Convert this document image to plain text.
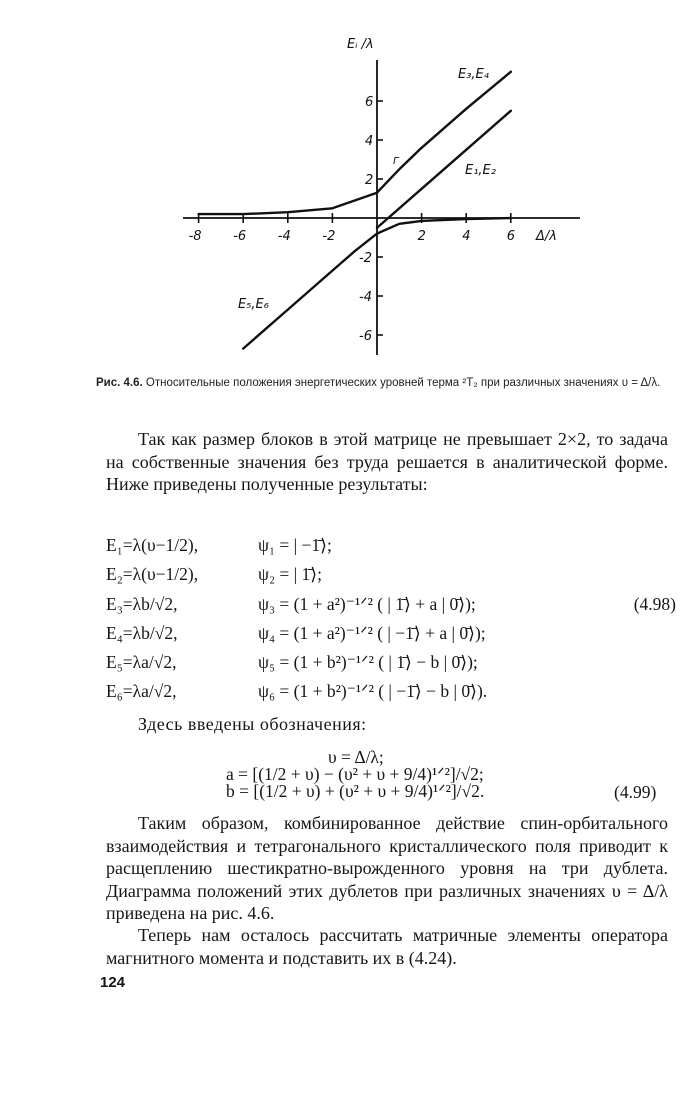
-8 -6 -4 -2	2	4	6
6
4
2
-2
-4
-6
Eᵢ /λ
Δ/λ
E₃,E₄
E₁,E₂
E₅,E₆
Γ
Рис. 4.6. Относительные положения энергетических уровней терма ²T₂ при различных значениях υ = Δ/λ.
Так как размер блоков в этой матрице не превышает 2×2, то задача на собственные значения без труда решается в аналитической форме. Ниже приведены полученные результаты:
E₁=λ(υ−1/2),	ψ₁ = | −1̄⟩;
E₂=λ(υ−1/2),	ψ₂ = | 1̄⟩;
E₃=λb/√2,	ψ₃ = (1 + a²)⁻¹ᐟ² ( | 1̄⟩ + a | 0̄⟩);	(4.98)
E₄=λb/√2,	ψ₄ = (1 + a²)⁻¹ᐟ² ( | −1̄⟩ + a | 0̄⟩);
E₅=λa/√2,	ψ₅ = (1 + b²)⁻¹ᐟ² ( | 1̄⟩ − b | 0̄⟩);
E₆=λa/√2,	ψ₆ = (1 + b²)⁻¹ᐟ² ( | −1̄⟩ − b | 0̄⟩).
Здесь введены обозначения:
υ = Δ/λ;
a = [(1/2 + υ) − (υ² + υ + 9/4)¹ᐟ²]/√2;
b = [(1/2 + υ) + (υ² + υ + 9/4)¹ᐟ²]/√2.	(4.99)
Таким образом, комбинированное действие спин-орбитального взаимодействия и тетрагонального кристаллического поля приводит к расщеплению шестикратно-вырожденного уровня на три дублета. Диаграмма положений этих дублетов при различных значениях υ = Δ/λ приведена на рис. 4.6.
Теперь нам осталось рассчитать матричные элементы оператора магнитного момента и подставить их в (4.24).
124
